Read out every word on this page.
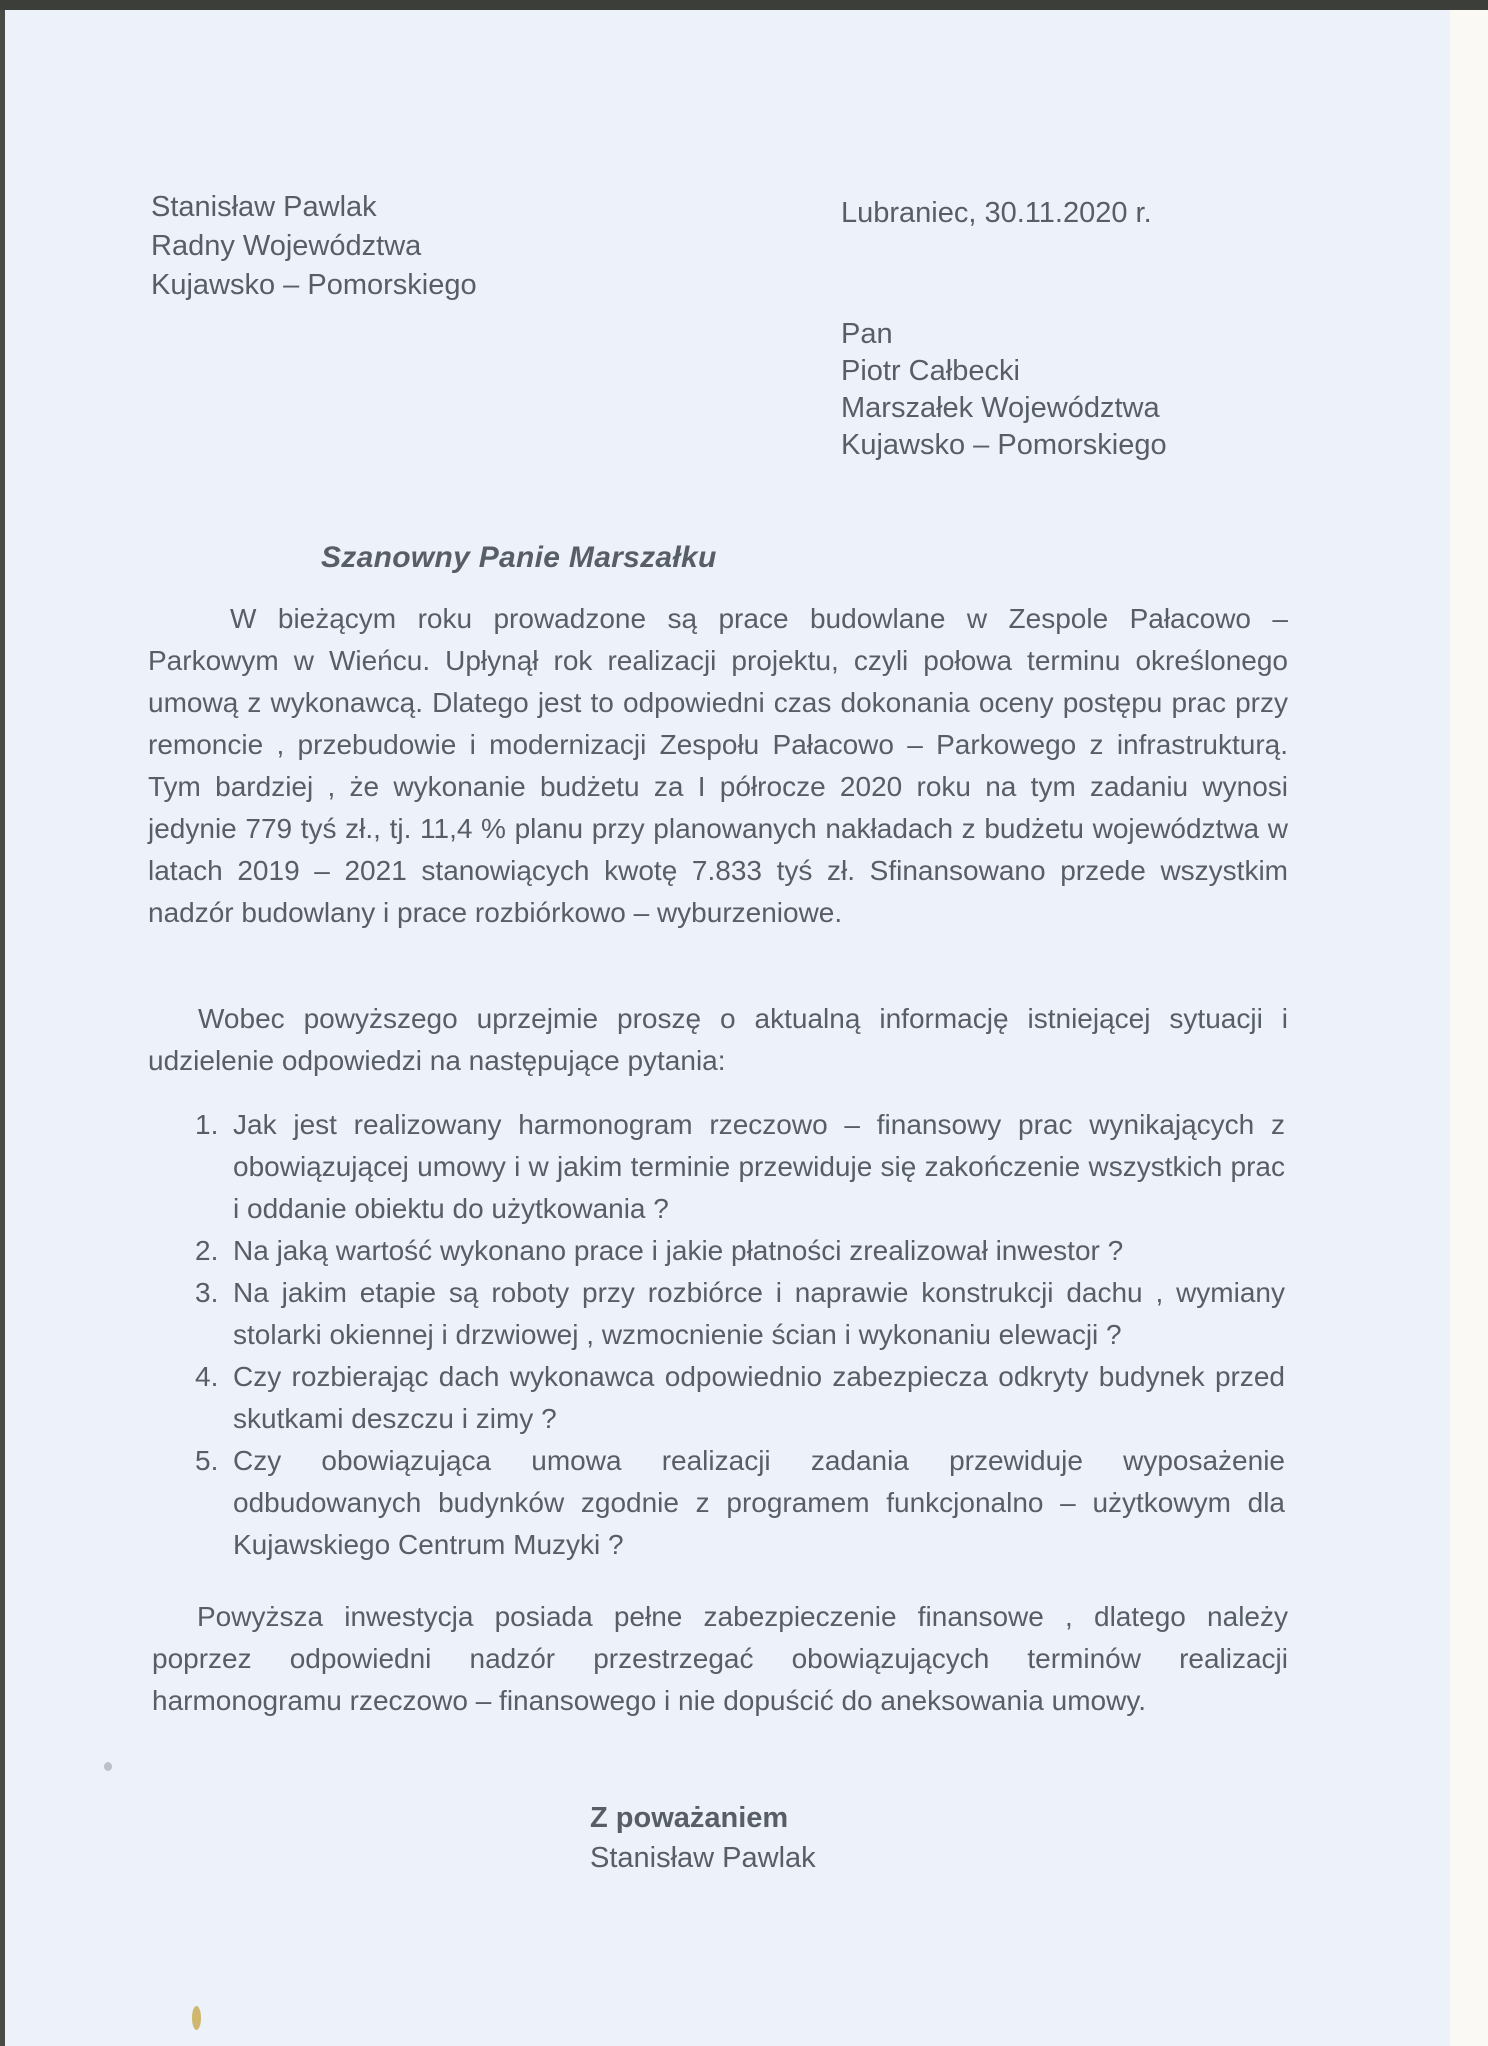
Stanisław Pawlak
Radny Województwa
Kujawsko – Pomorskiego
Lubraniec, 30.11.2020 r.
Pan
Piotr Całbecki
Marszałek Województwa
Kujawsko – Pomorskiego
Szanowny Panie Marszałku
W bieżącym roku prowadzone są prace budowlane w Zespole Pałacowo – Parkowym w Wieńcu. Upłynął rok realizacji projektu, czyli połowa terminu określonego umową z wykonawcą. Dlatego jest to odpowiedni czas dokonania oceny postępu prac przy remoncie , przebudowie i modernizacji Zespołu Pałacowo – Parkowego z infrastrukturą. Tym bardziej , że wykonanie budżetu za I półrocze 2020 roku na tym zadaniu wynosi jedynie 779 tyś zł., tj. 11,4 % planu przy planowanych nakładach z budżetu województwa w latach 2019 – 2021 stanowiących kwotę 7.833 tyś zł. Sfinansowano przede wszystkim nadzór budowlany i prace rozbiórkowo – wyburzeniowe.
Wobec powyższego uprzejmie proszę o aktualną informację istniejącej sytuacji i udzielenie odpowiedzi na następujące pytania:
1. Jak jest realizowany harmonogram rzeczowo – finansowy prac wynikających z obowiązującej umowy i w jakim terminie przewiduje się zakończenie wszystkich prac i oddanie obiektu do użytkowania ?
2. Na jaką wartość wykonano prace i jakie płatności zrealizował inwestor ?
3. Na jakim etapie są roboty przy rozbiórce i naprawie konstrukcji dachu , wymiany stolarki okiennej i drzwiowej , wzmocnienie ścian i wykonaniu elewacji ?
4. Czy rozbierając dach wykonawca odpowiednio zabezpiecza odkryty budynek przed skutkami deszczu i zimy ?
5. Czy obowiązująca umowa realizacji zadania przewiduje wyposażenie odbudowanych budynków zgodnie z programem funkcjonalno – użytkowym dla Kujawskiego Centrum Muzyki ?
Powyższa inwestycja posiada pełne zabezpieczenie finansowe , dlatego należy poprzez odpowiedni nadzór przestrzegać obowiązujących terminów realizacji harmonogramu rzeczowo – finansowego i nie dopuścić do aneksowania umowy.
Z poważaniem
Stanisław Pawlak
